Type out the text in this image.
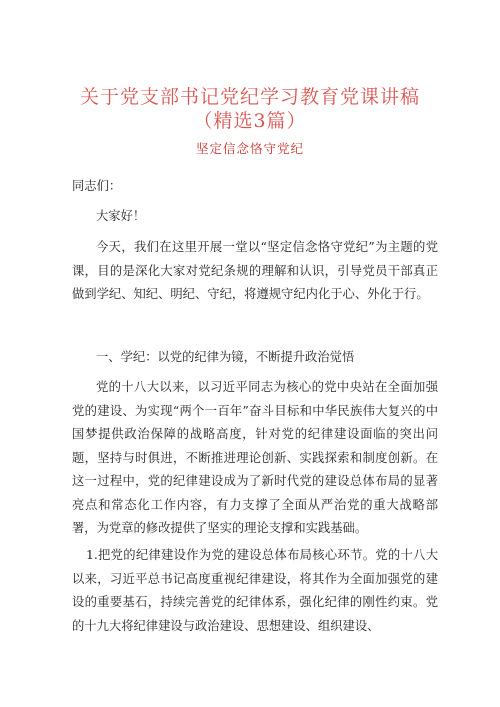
关于党支部书记党纪学习教育党课讲稿
（精选3篇）
坚定信念恪守党纪
同志们：
大家好！
今天，我们在这里开展一堂以“坚定信念恪守党纪”为主题的党课，目的是深化大家对党纪条规的理解和认识，引导党员干部真正做到学纪、知纪、明纪、守纪，将遵规守纪内化于心、外化于行。
一、学纪：以党的纪律为镜，不断提升政治觉悟
党的十八大以来，以习近平同志为核心的党中央站在全面加强党的建设、为实现“两个一百年”奋斗目标和中华民族伟大复兴的中国梦提供政治保障的战略高度，针对党的纪律建设面临的突出问题，坚持与时俱进，不断推进理论创新、实践探索和制度创新。在这一过程中，党的纪律建设成为了新时代党的建设总体布局的显著亮点和常态化工作内容，有力支撑了全面从严治党的重大战略部署，为党章的修改提供了坚实的理论支撑和实践基础。
1.把党的纪律建设作为党的建设总体布局核心环节。党的十八大以来，习近平总书记高度重视纪律建设，将其作为全面加强党的建设的重要基石，持续完善党的纪律体系，强化纪律的刚性约束。党的十九大将纪律建设与政治建设、思想建设、组织建设、
